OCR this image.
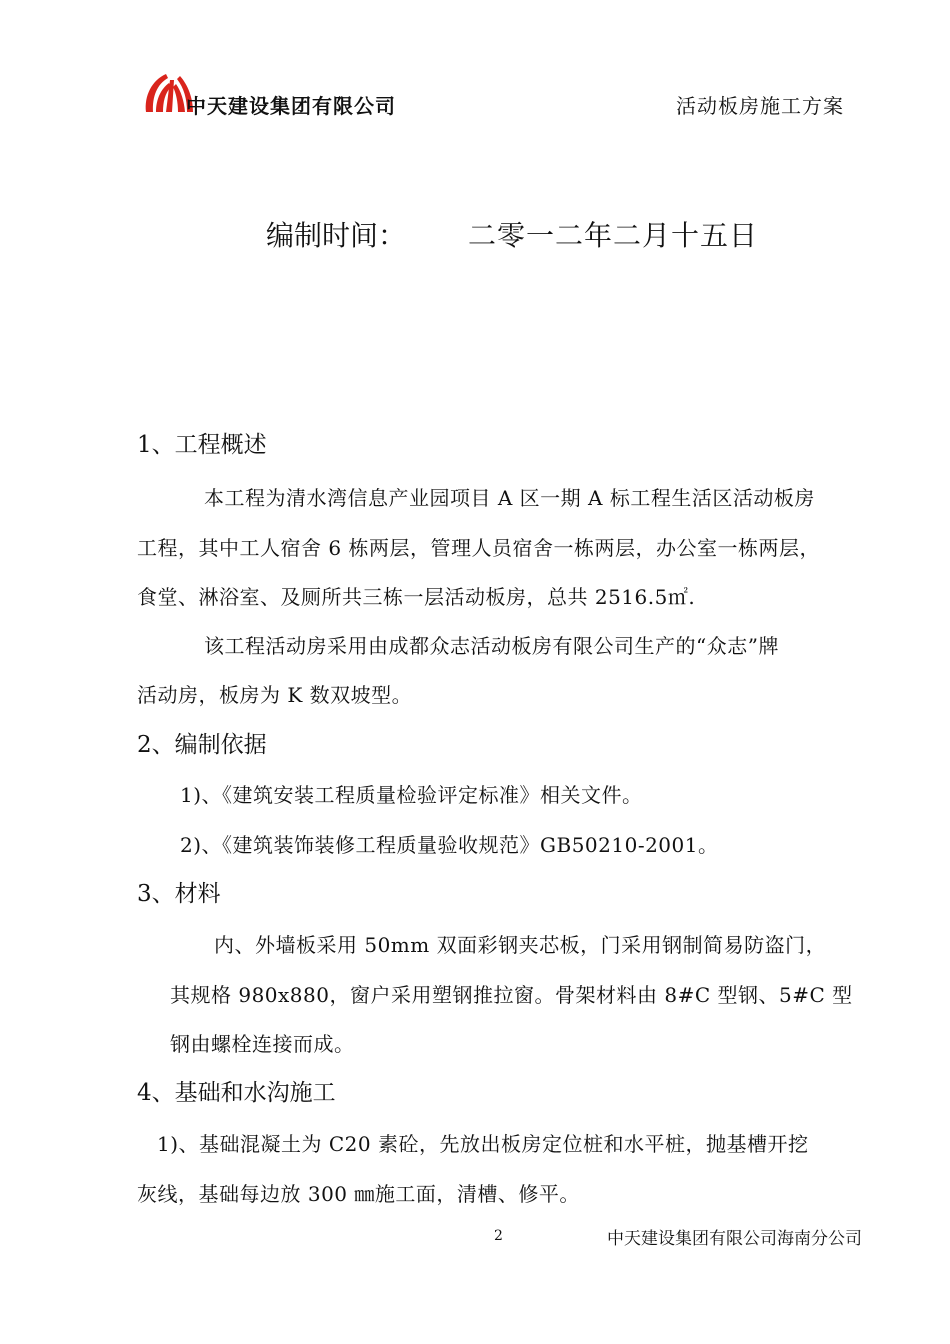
中天建设集团有限公司	活动板房施工方案
编制时间： 二零一二年二月十五日
1、工程概述
本工程为清水湾信息产业园项目 A 区一期 A 标工程生活区活动板房
工程，其中工人宿舍 6 栋两层，管理人员宿舍一栋两层，办公室一栋两层，
食堂、淋浴室、及厕所共三栋一层活动板房，总共 2516.5㎡.
该工程活动房采用由成都众志活动板房有限公司生产的“众志”牌
活动房，板房为 K 数双坡型。
2、编制依据
1)、《建筑安装工程质量检验评定标准》相关文件。
2)、《建筑装饰装修工程质量验收规范》GB50210-2001。
3、材料
内、外墙板采用 50mm 双面彩钢夹芯板，门采用钢制简易防盗门，
其规格 980x880，窗户采用塑钢推拉窗。骨架材料由 8#C 型钢、5#C 型
钢由螺栓连接而成。
4、基础和水沟施工
1)、基础混凝土为 C20 素砼，先放出板房定位桩和水平桩，抛基槽开挖
灰线，基础每边放 300 ㎜施工面，清槽、修平。
2	中天建设集团有限公司海南分公司
